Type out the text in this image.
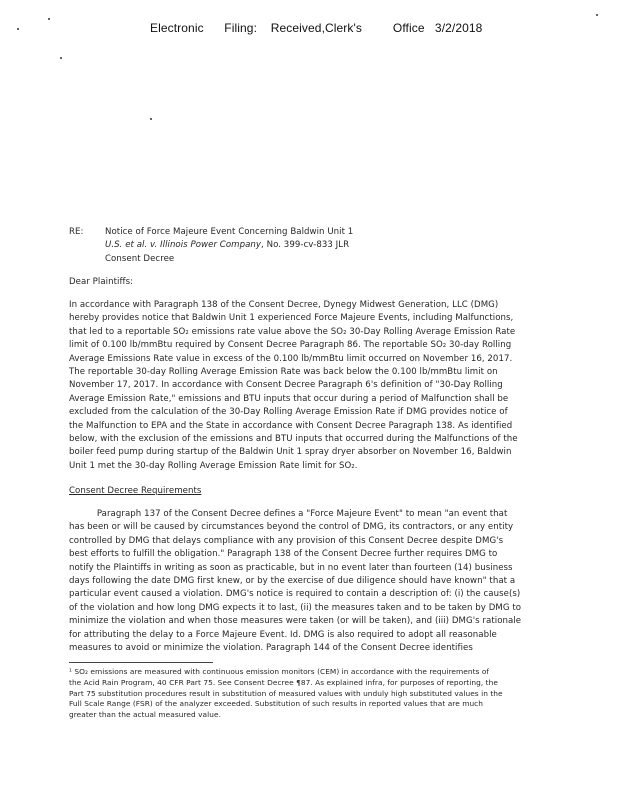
Electronic      Filing:    Received,Clerk's         Office   3/2/2018
RE:	Notice of Force Majeure Event Concerning Baldwin Unit 1
U.S. et al. v. Illinois Power Company, No. 399-cv-833 JLR
Consent Decree
Dear Plaintiffs:
In accordance with Paragraph 138 of the Consent Decree, Dynegy Midwest Generation, LLC (DMG)
hereby provides notice that Baldwin Unit 1 experienced Force Majeure Events, including Malfunctions,
that led to a reportable SO₂ emissions rate value above the SO₂ 30-Day Rolling Average Emission Rate
limit of 0.100 lb/mmBtu required by Consent Decree Paragraph 86. The reportable SO₂ 30-day Rolling
Average Emissions Rate value in excess of the 0.100 lb/mmBtu limit occurred on November 16, 2017.
The reportable 30-day Rolling Average Emission Rate was back below the 0.100 lb/mmBtu limit on
November 17, 2017. In accordance with Consent Decree Paragraph 6's definition of "30-Day Rolling
Average Emission Rate," emissions and BTU inputs that occur during a period of Malfunction shall be
excluded from the calculation of the 30-Day Rolling Average Emission Rate if DMG provides notice of
the Malfunction to EPA and the State in accordance with Consent Decree Paragraph 138. As identified
below, with the exclusion of the emissions and BTU inputs that occurred during the Malfunctions of the
boiler feed pump during startup of the Baldwin Unit 1 spray dryer absorber on November 16, Baldwin
Unit 1 met the 30-day Rolling Average Emission Rate limit for SO₂.
Consent Decree Requirements
Paragraph 137 of the Consent Decree defines a "Force Majeure Event" to mean "an event that
has been or will be caused by circumstances beyond the control of DMG, its contractors, or any entity
controlled by DMG that delays compliance with any provision of this Consent Decree despite DMG's
best efforts to fulfill the obligation." Paragraph 138 of the Consent Decree further requires DMG to
notify the Plaintiffs in writing as soon as practicable, but in no event later than fourteen (14) business
days following the date DMG first knew, or by the exercise of due diligence should have known" that a
particular event caused a violation. DMG's notice is required to contain a description of: (i) the cause(s)
of the violation and how long DMG expects it to last, (ii) the measures taken and to be taken by DMG to
minimize the violation and when those measures were taken (or will be taken), and (iii) DMG's rationale
for attributing the delay to a Force Majeure Event. Id. DMG is also required to adopt all reasonable
measures to avoid or minimize the violation. Paragraph 144 of the Consent Decree identifies
¹ SO₂ emissions are measured with continuous emission monitors (CEM) in accordance with the requirements of
the Acid Rain Program, 40 CFR Part 75. See Consent Decree ¶87. As explained infra, for purposes of reporting, the
Part 75 substitution procedures result in substitution of measured values with unduly high substituted values in the
Full Scale Range (FSR) of the analyzer exceeded. Substitution of such results in reported values that are much
greater than the actual measured value.
